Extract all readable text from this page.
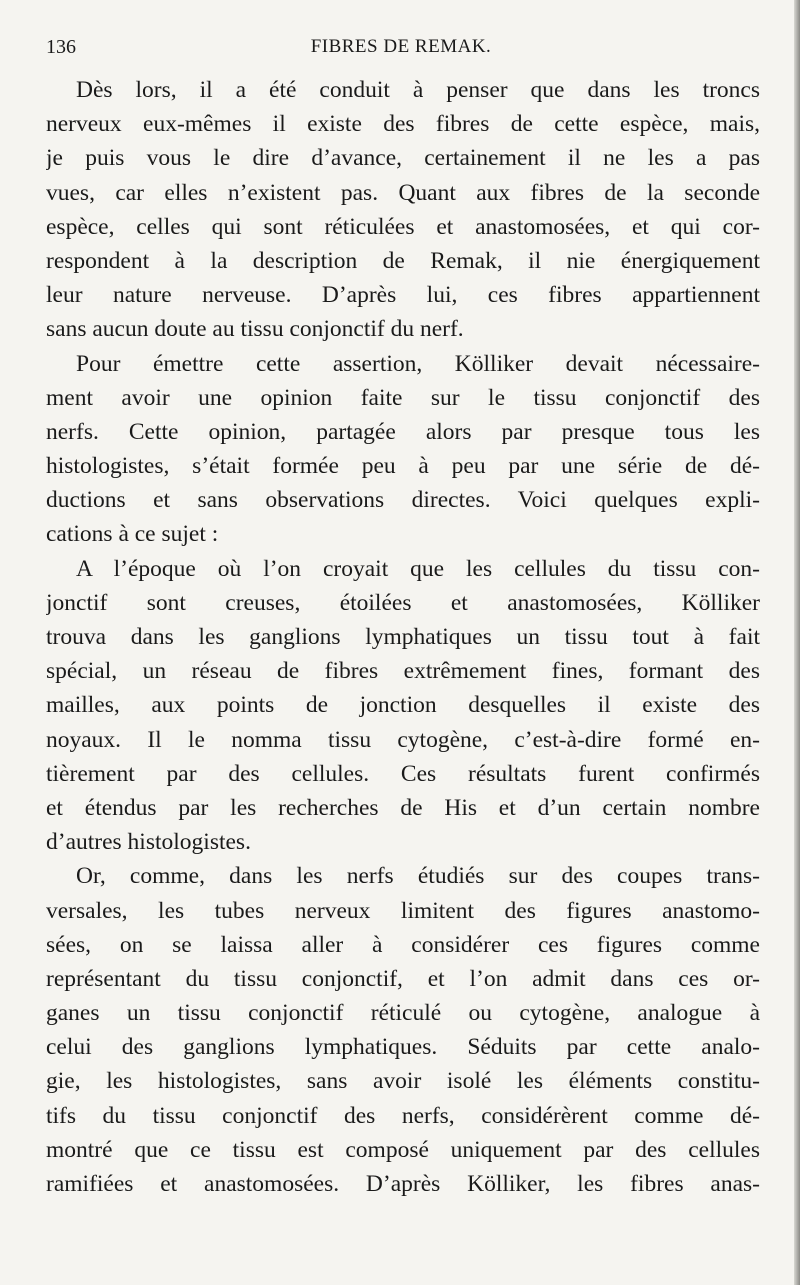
136	FIBRES DE REMAK.
Dès lors, il a été conduit à penser que dans les troncs
nerveux eux-mêmes il existe des fibres de cette espèce, mais,
je puis vous le dire d’avance, certainement il ne les a pas
vues, car elles n’existent pas. Quant aux fibres de la seconde
espèce, celles qui sont réticulées et anastomosées, et qui cor-
respondent à la description de Remak, il nie énergiquement
leur nature nerveuse. D’après lui, ces fibres appartiennent
sans aucun doute au tissu conjonctif du nerf.
Pour émettre cette assertion, Kölliker devait nécessaire-
ment avoir une opinion faite sur le tissu conjonctif des
nerfs. Cette opinion, partagée alors par presque tous les
histologistes, s’était formée peu à peu par une série de dé-
ductions et sans observations directes. Voici quelques expli-
cations à ce sujet :
A l’époque où l’on croyait que les cellules du tissu con-
jonctif sont creuses, étoilées et anastomosées, Kölliker
trouva dans les ganglions lymphatiques un tissu tout à fait
spécial, un réseau de fibres extrêmement fines, formant des
mailles, aux points de jonction desquelles il existe des
noyaux. Il le nomma tissu cytogène, c’est-à-dire formé en-
tièrement par des cellules. Ces résultats furent confirmés
et étendus par les recherches de His et d’un certain nombre
d’autres histologistes.
Or, comme, dans les nerfs étudiés sur des coupes trans-
versales, les tubes nerveux limitent des figures anastomo-
sées, on se laissa aller à considérer ces figures comme
représentant du tissu conjonctif, et l’on admit dans ces or-
ganes un tissu conjonctif réticulé ou cytogène, analogue à
celui des ganglions lymphatiques. Séduits par cette analo-
gie, les histologistes, sans avoir isolé les éléments constitu-
tifs du tissu conjonctif des nerfs, considérèrent comme dé-
montré que ce tissu est composé uniquement par des cellules
ramifiées et anastomosées. D’après Kölliker, les fibres anas-
